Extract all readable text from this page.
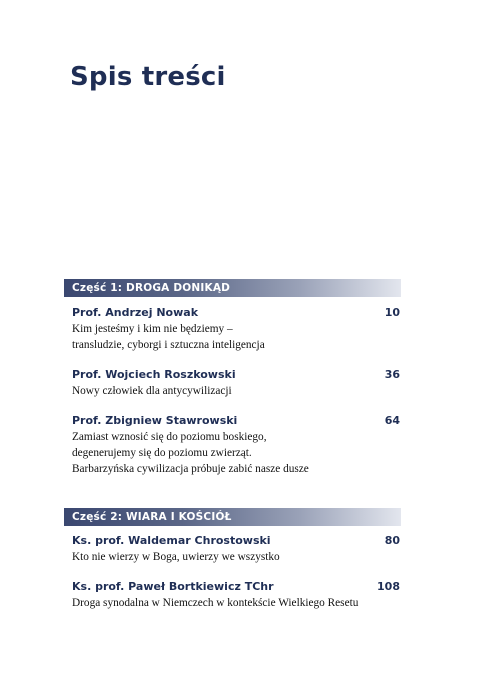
Spis treści
Część 1: DROGA DONIKĄD
Prof. Andrzej Nowak	10
Kim jesteśmy i kim nie będziemy –
transludzie, cyborgi i sztuczna inteligencja
Prof. Wojciech Roszkowski	36
Nowy człowiek dla antycywilizacji
Prof. Zbigniew Stawrowski	64
Zamiast wznosić się do poziomu boskiego,
degenerujemy się do poziomu zwierząt.
Barbarzyńska cywilizacja próbuje zabić nasze dusze
Część 2: WIARA I KOŚCIÓŁ
Ks. prof. Waldemar Chrostowski	80
Kto nie wierzy w Boga, uwierzy we wszystko
Ks. prof. Paweł Bortkiewicz TChr	108
Droga synodalna w Niemczech w kontekście Wielkiego Resetu
